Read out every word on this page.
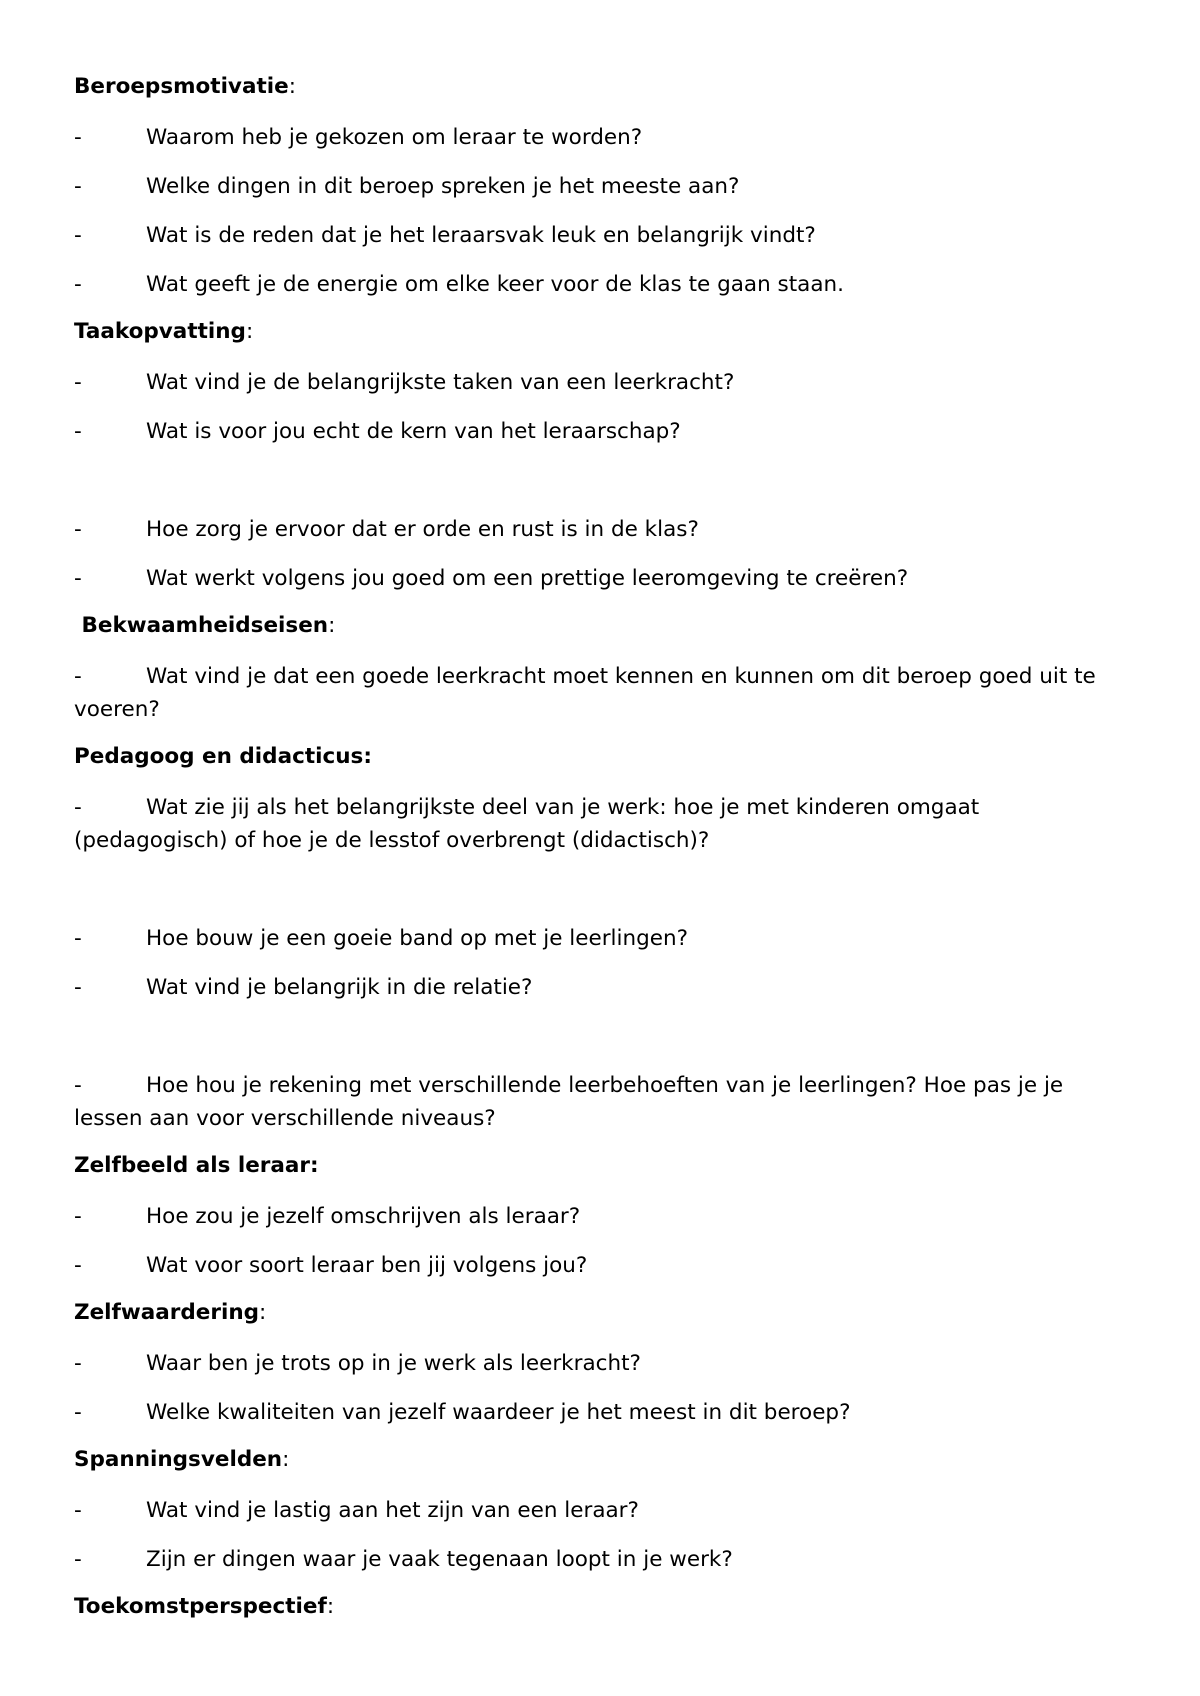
Beroepsmotivatie:
-	Waarom heb je gekozen om leraar te worden?
-	Welke dingen in dit beroep spreken je het meeste aan?
-	Wat is de reden dat je het leraarsvak leuk en belangrijk vindt?
-	Wat geeft je de energie om elke keer voor de klas te gaan staan.
Taakopvatting:
-	Wat vind je de belangrijkste taken van een leerkracht?
-	Wat is voor jou echt de kern van het leraarschap?
-	Hoe zorg je ervoor dat er orde en rust is in de klas?
-	Wat werkt volgens jou goed om een prettige leeromgeving te creëren?
Bekwaamheidseisen:
-	Wat vind je dat een goede leerkracht moet kennen en kunnen om dit beroep goed uit te voeren?
Pedagoog en didacticus:
-	Wat zie jij als het belangrijkste deel van je werk: hoe je met kinderen omgaat (pedagogisch) of hoe je de lesstof overbrengt (didactisch)?
-	Hoe bouw je een goeie band op met je leerlingen?
-	Wat vind je belangrijk in die relatie?
-	Hoe hou je rekening met verschillende leerbehoeften van je leerlingen? Hoe pas je je lessen aan voor verschillende niveaus?
Zelfbeeld als leraar:
-	Hoe zou je jezelf omschrijven als leraar?
-	Wat voor soort leraar ben jij volgens jou?
Zelfwaardering:
-	Waar ben je trots op in je werk als leerkracht?
-	Welke kwaliteiten van jezelf waardeer je het meest in dit beroep?
Spanningsvelden:
-	Wat vind je lastig aan het zijn van een leraar?
-	Zijn er dingen waar je vaak tegenaan loopt in je werk?
Toekomstperspectief:
